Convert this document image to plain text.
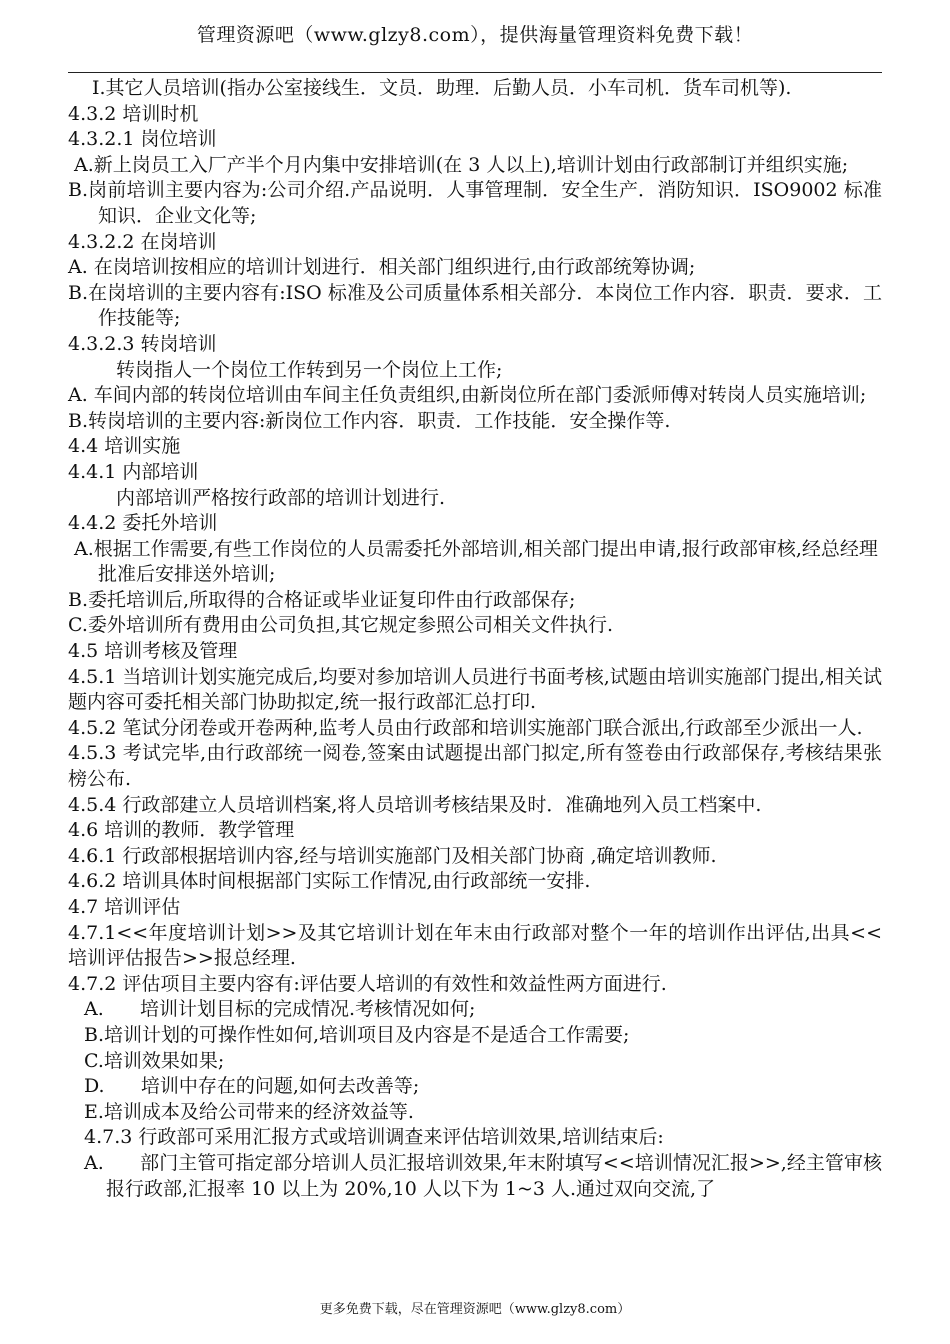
管理资源吧（www.glzy8.com），提供海量管理资料免费下载！

I.其它人员培训(指办公室接线生．文员．助理．后勤人员．小车司机．货车司机等).

4.3.2 培训时机

4.3.2.1 岗位培训

A.新上岗员工入厂产半个月内集中安排培训(在 3 人以上),培训计划由行政部制订并组织实施;

B.岗前培训主要内容为:公司介绍.产品说明．人事管理制．安全生产．消防知识．ISO9002 标准知识．企业文化等;

4.3.2.2 在岗培训

A. 在岗培训按相应的培训计划进行．相关部门组织进行,由行政部统筹协调;

B.在岗培训的主要内容有:ISO 标准及公司质量体系相关部分．本岗位工作内容．职责．要求．工作技能等;

4.3.2.3 转岗培训

转岗指人一个岗位工作转到另一个岗位上工作;

A. 车间内部的转岗位培训由车间主任负责组织,由新岗位所在部门委派师傅对转岗人员实施培训;

B.转岗培训的主要内容:新岗位工作内容．职责．工作技能．安全操作等.

4.4 培训实施

4.4.1 内部培训

内部培训严格按行政部的培训计划进行.

4.4.2 委托外培训

A.根据工作需要,有些工作岗位的人员需委托外部培训,相关部门提出申请,报行政部审核,经总经理批准后安排送外培训;

B.委托培训后,所取得的合格证或毕业证复印件由行政部保存;

C.委外培训所有费用由公司负担,其它规定参照公司相关文件执行.

4.5 培训考核及管理

4.5.1 当培训计划实施完成后,均要对参加培训人员进行书面考核,试题由培训实施部门提出,相关试题内容可委托相关部门协助拟定,统一报行政部汇总打印.

4.5.2 笔试分闭卷或开卷两种,监考人员由行政部和培训实施部门联合派出,行政部至少派出一人.

4.5.3 考试完毕,由行政部统一阅卷,签案由试题提出部门拟定,所有签卷由行政部保存,考核结果张榜公布.

4.5.4 行政部建立人员培训档案,将人员培训考核结果及时．准确地列入员工档案中.

4.6 培训的教师．教学管理

4.6.1 行政部根据培训内容,经与培训实施部门及相关部门协商 ,确定培训教师.

4.6.2 培训具体时间根据部门实际工作情况,由行政部统一安排.

4.7 培训评估

4.7.1<<年度培训计划>>及其它培训计划在年末由行政部对整个一年的培训作出评估,出具<<培训评估报告>>报总经理.

4.7.2 评估项目主要内容有:评估要人培训的有效性和效益性两方面进行.

A.      培训计划目标的完成情况.考核情况如何;

B.培训计划的可操作性如何,培训项目及内容是不是适合工作需要;

C.培训效果如果;

D.      培训中存在的问题,如何去改善等;

E.培训成本及给公司带来的经济效益等.

4.7.3 行政部可采用汇报方式或培训调查来评估培训效果,培训结束后:

A.      部门主管可指定部分培训人员汇报培训效果,年末附填写<<培训情况汇报>>,经主管审核报行政部,汇报率 10 以上为 20%,10 人以下为 1~3 人.通过双向交流,了

更多免费下载，尽在管理资源吧（www.glzy8.com）
